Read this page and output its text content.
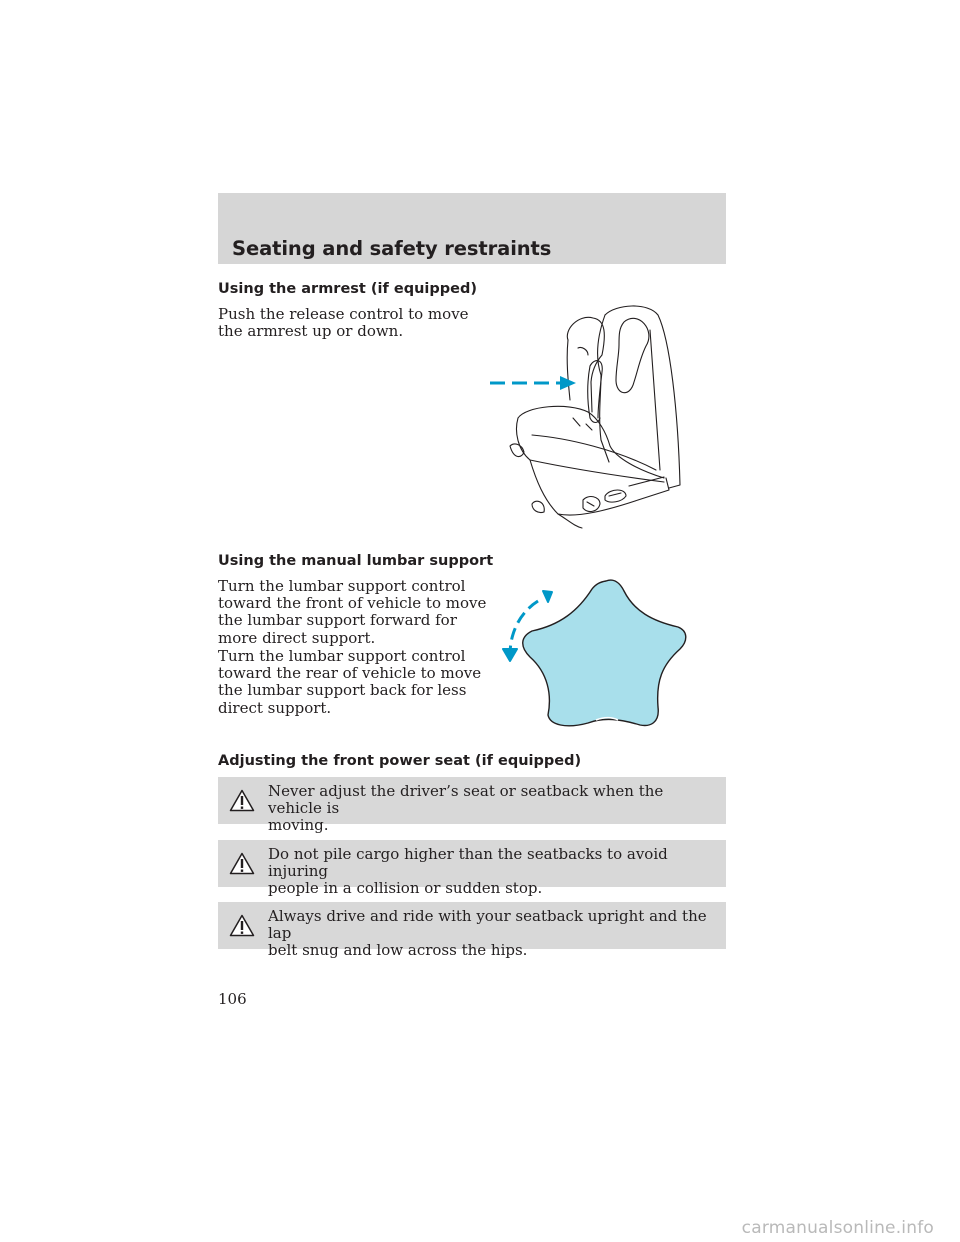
Seating and safety restraints
Using the armrest (if equipped)

Push the release control to move
the armrest up or down.

Using the manual lumbar support

Turn the lumbar support control
toward the front of vehicle to move
the lumbar support forward for
more direct support.

Turn the lumbar support control
toward the rear of vehicle to move
the lumbar support back for less
direct support.

Adjusting the front power seat (if equipped)

Never adjust the driver’s seat or seatback when the vehicle is
moving.

Do not pile cargo higher than the seatbacks to avoid injuring
people in a collision or sudden stop.

Always drive and ride with your seatback upright and the lap
belt snug and low across the hips.

106

carmanualsonline.info
